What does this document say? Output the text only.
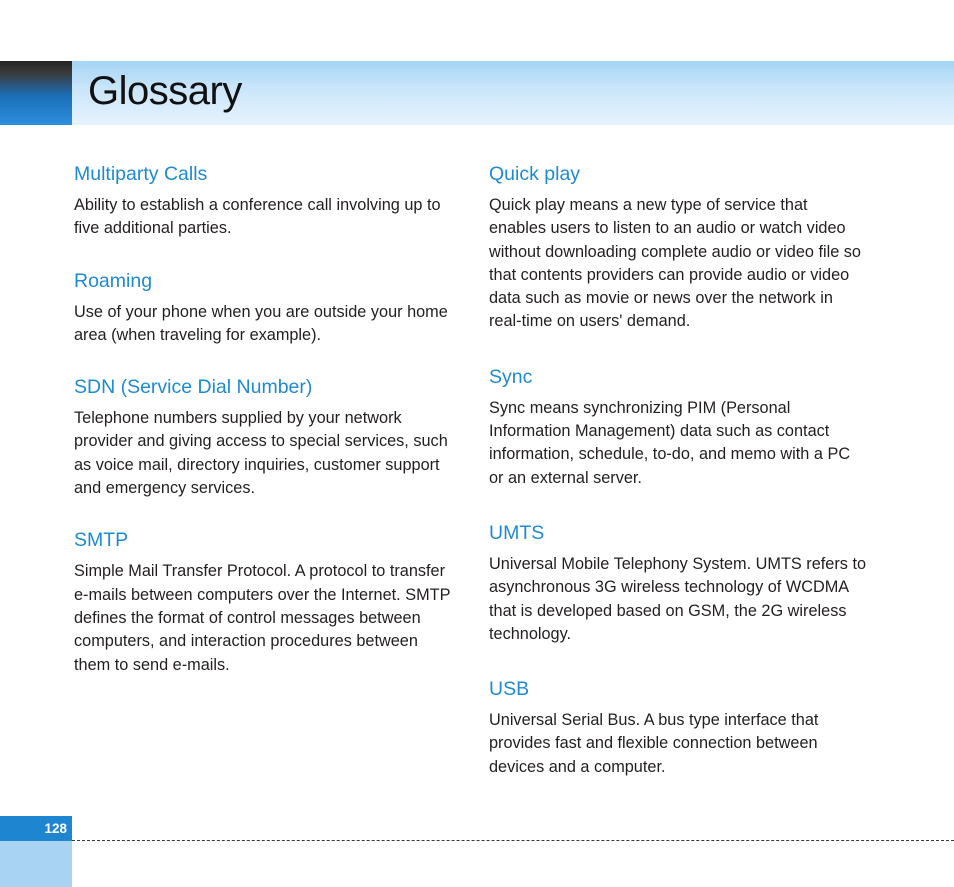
Glossary

Multiparty Calls

Ability to establish a conference call involving up to five additional parties.

Roaming

Use of your phone when you are outside your home area (when traveling for example).

SDN (Service Dial Number)

Telephone numbers supplied by your network provider and giving access to special services, such as voice mail, directory inquiries, customer support and emergency services.

SMTP

Simple Mail Transfer Protocol. A protocol to transfer e-mails between computers over the Internet. SMTP defines the format of control messages between computers, and interaction procedures between them to send e-mails.

Quick play

Quick play means a new type of service that enables users to listen to an audio or watch video without downloading complete audio or video file so that contents providers can provide audio or video data such as movie or news over the network in real-time on users' demand.

Sync

Sync means synchronizing PIM (Personal Information Management) data such as contact information, schedule, to-do, and memo with a PC or an external server.

UMTS

Universal Mobile Telephony System. UMTS refers to asynchronous 3G wireless technology of WCDMA that is developed based on GSM, the 2G wireless technology.

USB

Universal Serial Bus. A bus type interface that provides fast and flexible connection between devices and a computer.

128
